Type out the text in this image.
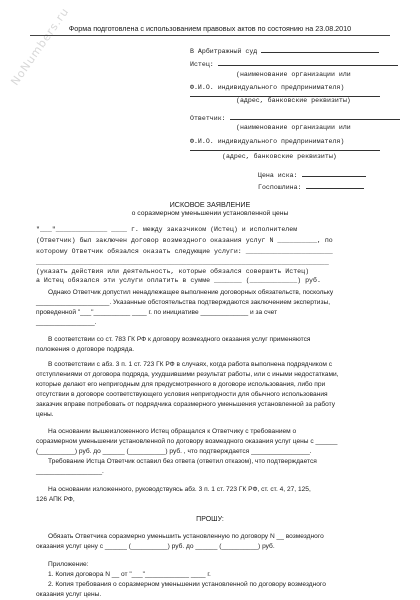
NoNumbers.ru
Форма подготовлена с использованием правовых актов по состоянию на 23.08.2010
В Арбитражный суд
Истец:
(наименование организации или
Ф.И.О. индивидуального предпринимателя)
(адрес, банковские реквизиты)
Ответчик:
(наименование организации или
Ф.И.О. индивидуального предпринимателя)
(адрес, банковские реквизиты)
Цена иска:
Госпошлина:
ИСКОВОЕ ЗАЯВЛЕНИЕ
о соразмерном уменьшении установленной цены
"___"_____________ ____ г. между заказчиком (Истец) и исполнителем
(Ответчик) был заключен договор возмездного оказания услуг N __________, по
которому Ответчик обязался оказать следующие услуги: ______________________
__________________________________________________________________________
(указать действия или деятельность, которые обязался совершить Истец)
а Истец обязался эти услуги оплатить в сумме _______ (____________) руб.
Однако Ответчик допустил ненадлежащее выполнение договорных обязательств, поскольку
____________________. Указанные обстоятельства подтверждаются заключением экспертизы,
проведенной "___"__________ ____ г. по инициативе _____________ и за счет
________________.
В соответствии со ст. 783 ГК РФ к договору возмездного оказания услуг применяются
положения о договоре подряда.
В соответствии с абз. 3 п. 1 ст. 723 ГК РФ в случаях, когда работа выполнена подрядчиком с
отступлениями от договора подряда, ухудшившими результат работы, или с иными недостатками,
которые делают его непригодным для предусмотренного в договоре использования, либо при
отсутствии в договоре соответствующего условия непригодности для обычного использования
заказчик вправе потребовать от подрядчика соразмерного уменьшения установленной за работу
цены.
На основании вышеизложенного Истец обращался к Ответчику с требованием о
соразмерном уменьшении установленной по договору возмездного оказания услуг цены с ______
(__________) руб. до ______ (__________) руб. , что подтверждается ________________.
Требование Истца Ответчик оставил без ответа (ответил отказом), что подтверждается
__________________.
На основании изложенного, руководствуясь абз. 3 п. 1 ст. 723 ГК РФ, ст. ст. 4, 27, 125,
126 АПК РФ,
ПРОШУ:
Обязать Ответчика соразмерно уменьшить установленную по договору N __ возмездного
оказания услуг цену с ______ (__________) руб. до ______ (__________) руб.
Приложение:
1. Копия договора N __ от "___"____________ ____ г.
2. Копия требования о соразмерном уменьшении установленной по договору возмездного
оказания услуг цены.
